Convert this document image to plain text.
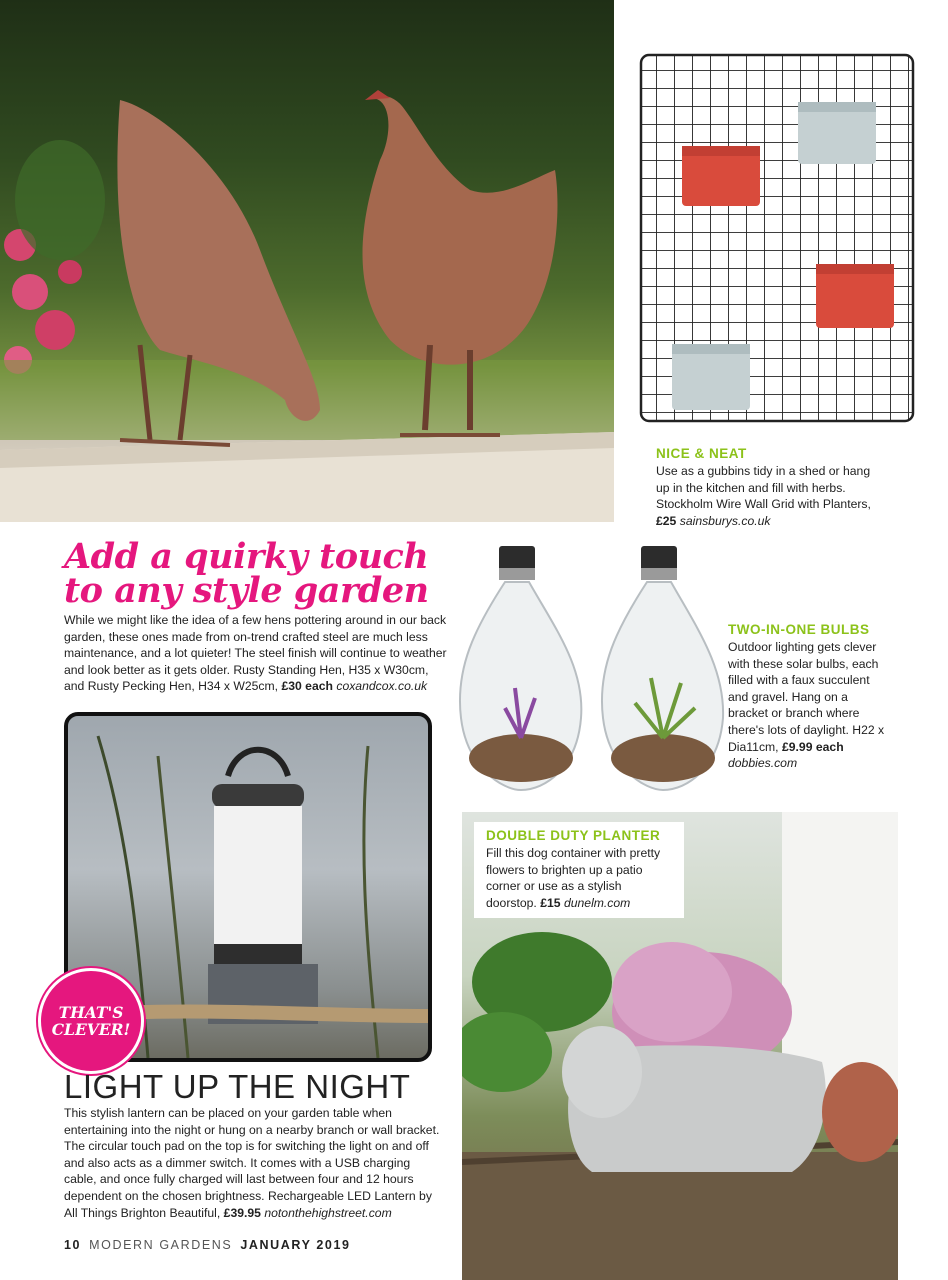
NICE & NEAT
Use as a gubbins tidy in a shed or hang up in the kitchen and fill with herbs. Stockholm Wire Wall Grid with Planters, £25 sainsburys.co.uk
Add a quirky touch
to any style garden
While we might like the idea of a few hens pottering around in our back garden, these ones made from on-trend crafted steel are much less maintenance, and a lot quieter! The steel finish will continue to weather and look better as it gets older. Rusty Standing Hen, H35 x W30cm, and Rusty Pecking Hen, H34 x W25cm, £30 each coxandcox.co.uk
TWO-IN-ONE BULBS
Outdoor lighting gets clever with these solar bulbs, each filled with a faux succulent and gravel. Hang on a bracket or branch where there's lots of daylight. H22 x Dia11cm, £9.99 each dobbies.com
THAT'S
CLEVER!
LIGHT UP THE NIGHT
This stylish lantern can be placed on your garden table when entertaining into the night or hung on a nearby branch or wall bracket. The circular touch pad on the top is for switching the light on and off and also acts as a dimmer switch. It comes with a USB charging cable, and once fully charged will last between four and 12 hours dependent on the chosen brightness. Rechargeable LED Lantern by All Things Brighton Beautiful, £39.95 notonthehighstreet.com
DOUBLE DUTY PLANTER
Fill this dog container with pretty flowers to brighten up a patio corner or use as a stylish doorstop. £15 dunelm.com
10 MODERN GARDENS JANUARY 2019
